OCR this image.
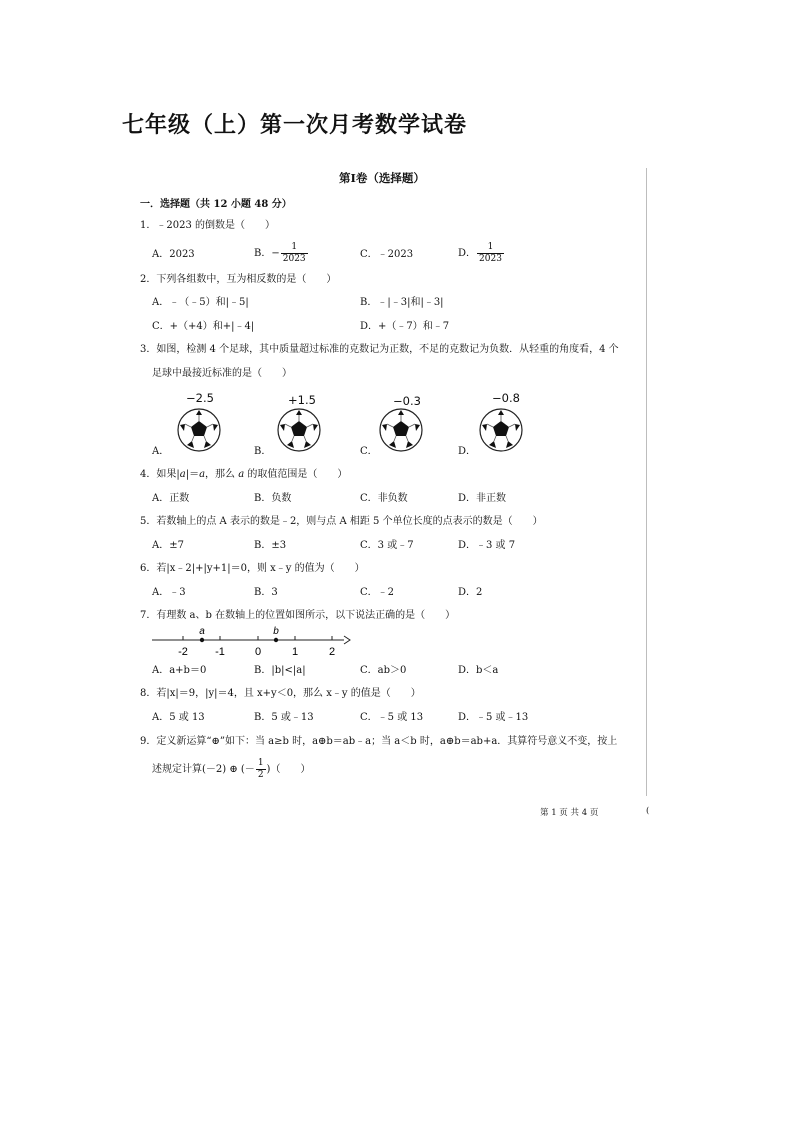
七年级（上）第一次月考数学试卷
第Ⅰ卷（选择题）
一．选择题（共 12 小题 48 分）
1．﹣2023 的倒数是（　　）
A．2023	B．− $\frac{1}{2023}$	C．﹣2023	D． $\frac{1}{2023}$
2．下列各组数中，互为相反数的是（　　）
A．﹣（﹣5）和|﹣5|	B．﹣|﹣3|和|﹣3|
C．+（+4）和+|﹣4|	D．+（﹣7）和﹣7
3．如图，检测 4 个足球，其中质量超过标准的克数记为正数，不足的克数记为负数．从轻重的角度看，4 个
足球中最接近标准的是（　　）
−2.5	+1.5	−0.3	−0.8
A．	B．	C．	D．
4．如果|a|＝a，那么 a 的取值范围是（　　）
A．正数	B．负数	C．非负数	D．非正数
5．若数轴上的点 A 表示的数是﹣2，则与点 A 相距 5 个单位长度的点表示的数是（　　）
A．±7	B．±3	C．3 或﹣7	D．﹣3 或 7
6．若|x﹣2|+|y+1|＝0，则 x﹣y 的值为（　　）
A．﹣3	B．3	C．﹣2	D．2
7．有理数 a、b 在数轴上的位置如图所示，以下说法正确的是（　　）
A．a+b＝0	B．|b|<|a|	C．ab＞0	D．b＜a
8．若|x|＝9，|y|＝4，且 x+y＜0，那么 x﹣y 的值是（　　）
A．5 或 13	B．5 或﹣13	C．﹣5 或 13	D．﹣5 或﹣13
9．定义新运算“⊕”如下：当 a≥b 时，a⊕b＝ab﹣a；当 a＜b 时，a⊕b＝ab+a．其算符号意义不变，按上
述规定计算(－2) ⊕ (－ $\frac{1}{2}$ )（　　）
a	b
-2 -1	0	1	2
第 1 页 共 4 页	(
